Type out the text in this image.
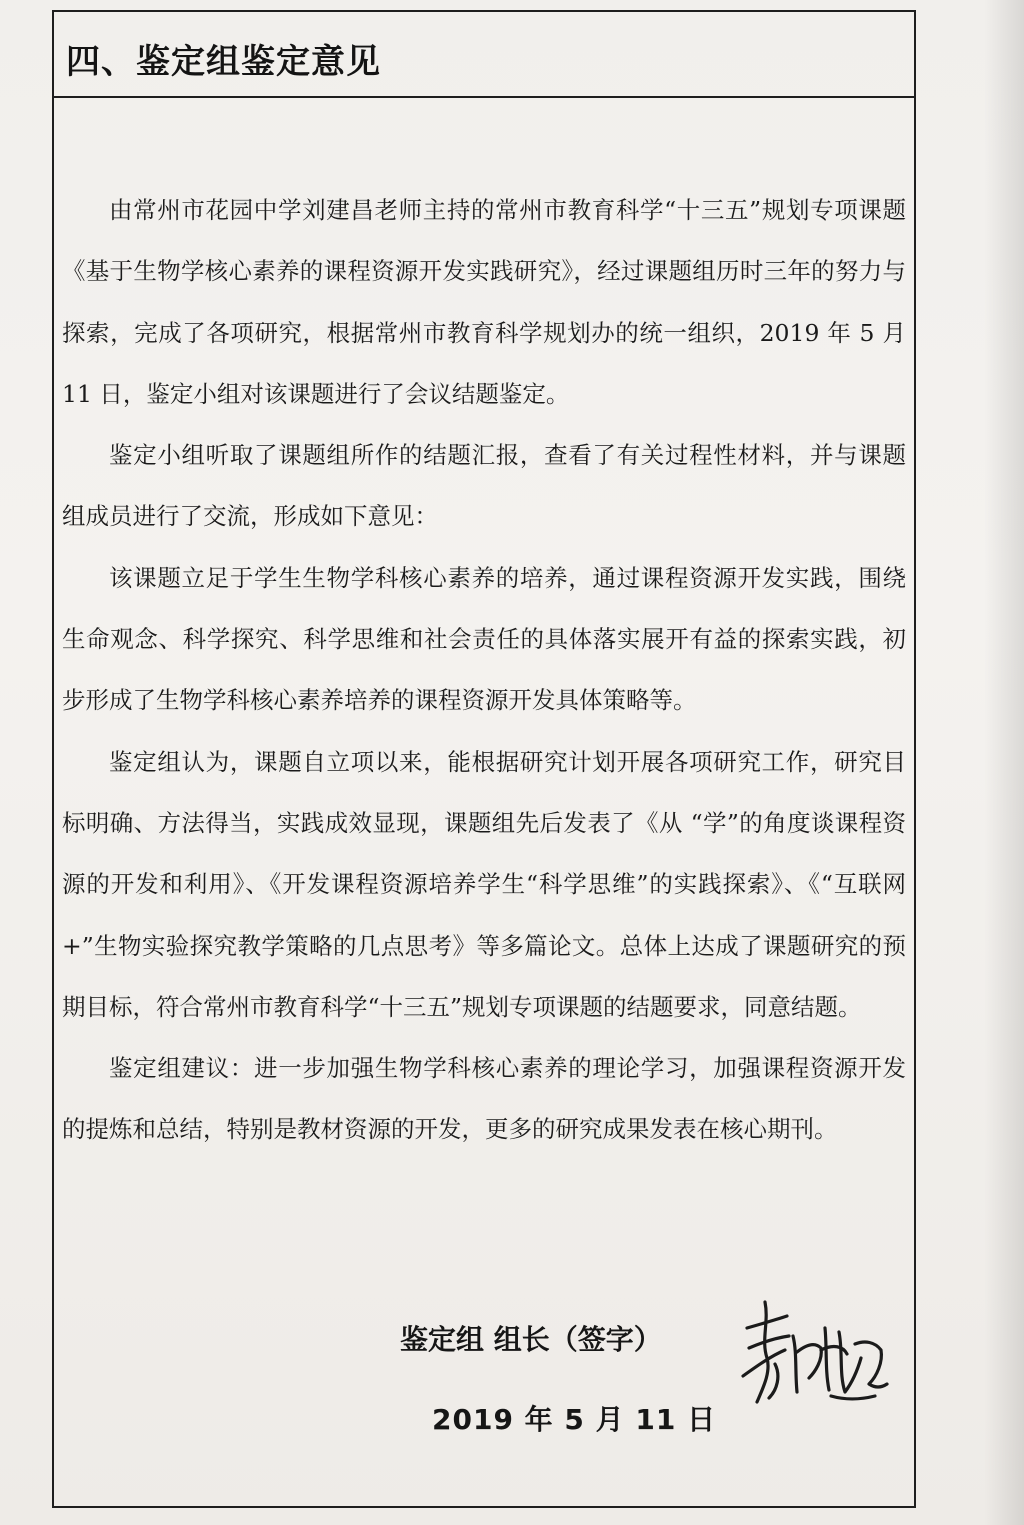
四、鉴定组鉴定意见

由常州市花园中学刘建昌老师主持的常州市教育科学“十三五”规划专项课题《基于生物学核心素养的课程资源开发实践研究》，经过课题组历时三年的努力与探索，完成了各项研究，根据常州市教育科学规划办的统一组织，2019 年 5 月 11 日，鉴定小组对该课题进行了会议结题鉴定。

鉴定小组听取了课题组所作的结题汇报，查看了有关过程性材料，并与课题组成员进行了交流，形成如下意见：

该课题立足于学生生物学科核心素养的培养，通过课程资源开发实践，围绕生命观念、科学探究、科学思维和社会责任的具体落实展开有益的探索实践，初步形成了生物学科核心素养培养的课程资源开发具体策略等。

鉴定组认为，课题自立项以来，能根据研究计划开展各项研究工作，研究目标明确、方法得当，实践成效显现，课题组先后发表了《从 “学”的角度谈课程资源的开发和利用》、《开发课程资源培养学生“科学思维”的实践探索》、《“互联网+”生物实验探究教学策略的几点思考》等多篇论文。总体上达成了课题研究的预期目标，符合常州市教育科学“十三五”规划专项课题的结题要求，同意结题。

鉴定组建议：进一步加强生物学科核心素养的理论学习，加强课程资源开发的提炼和总结，特别是教材资源的开发，更多的研究成果发表在核心期刊。

鉴定组 组长（签字）
2019 年 5 月 11 日
